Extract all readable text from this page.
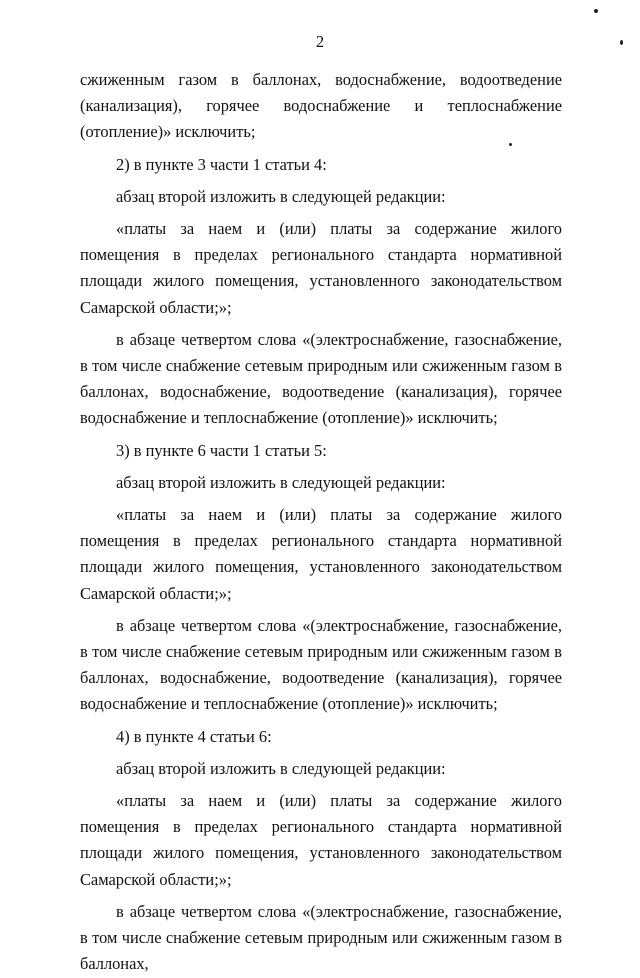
2

сжиженным газом в баллонах, водоснабжение, водоотведение (канализация), горячее водоснабжение и теплоснабжение (отопление)» исключить;

2) в пункте 3 части 1 статьи 4:

абзац второй изложить в следующей редакции:

«платы за наем и (или) платы за содержание жилого помещения в пределах регионального стандарта нормативной площади жилого помещения, установленного законодательством Самарской области;»;

в абзаце четвертом слова «(электроснабжение, газоснабжение, в том числе снабжение сетевым природным или сжиженным газом в баллонах, водоснабжение, водоотведение (канализация), горячее водоснабжение и теплоснабжение (отопление)» исключить;

3) в пункте 6 части 1 статьи 5:

абзац второй изложить в следующей редакции:

«платы за наем и (или) платы за содержание жилого помещения в пределах регионального стандарта нормативной площади жилого помещения, установленного законодательством Самарской области;»;

в абзаце четвертом слова «(электроснабжение, газоснабжение, в том числе снабжение сетевым природным или сжиженным газом в баллонах, водоснабжение, водоотведение (канализация), горячее водоснабжение и теплоснабжение (отопление)» исключить;

4) в пункте 4 статьи 6:

абзац второй изложить в следующей редакции:

«платы за наем и (или) платы за содержание жилого помещения в пределах регионального стандарта нормативной площади жилого помещения, установленного законодательством Самарской области;»;

в абзаце четвертом слова «(электроснабжение, газоснабжение, в том числе снабжение сетевым природным или сжиженным газом в баллонах,
